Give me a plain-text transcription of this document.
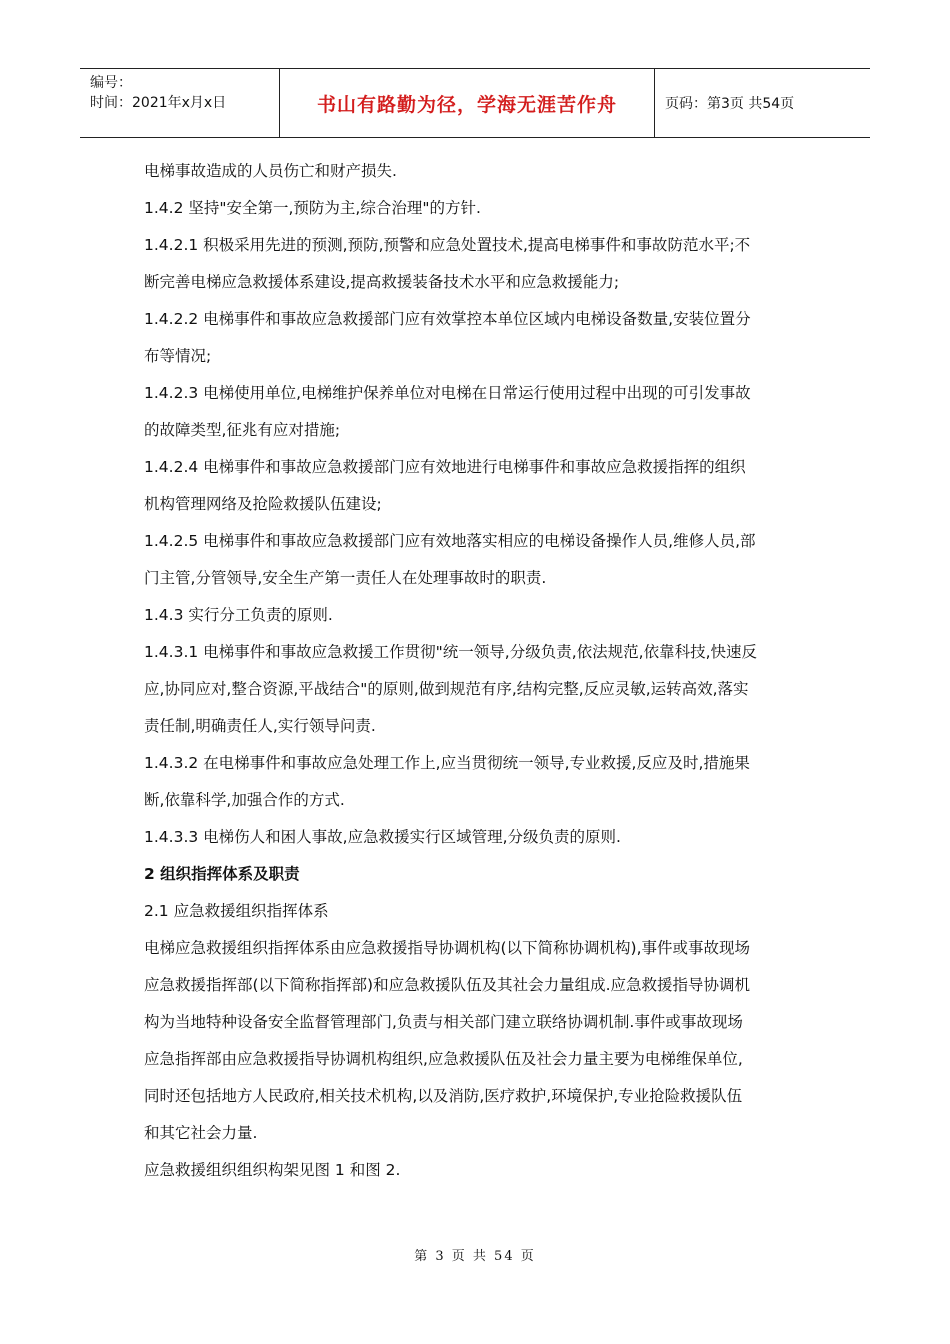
编号：
时间：2021年x月x日	书山有路勤为径，学海无涯苦作舟	页码：第3页 共54页

电梯事故造成的人员伤亡和财产损失.

1.4.2 坚持"安全第一,预防为主,综合治理"的方针.

1.4.2.1 积极采用先进的预测,预防,预警和应急处置技术,提高电梯事件和事故防范水平;不

断完善电梯应急救援体系建设,提高救援装备技术水平和应急救援能力;

1.4.2.2 电梯事件和事故应急救援部门应有效掌控本单位区域内电梯设备数量,安装位置分

布等情况;

1.4.2.3 电梯使用单位,电梯维护保养单位对电梯在日常运行使用过程中出现的可引发事故

的故障类型,征兆有应对措施;

1.4.2.4 电梯事件和事故应急救援部门应有效地进行电梯事件和事故应急救援指挥的组织

机构管理网络及抢险救援队伍建设;

1.4.2.5 电梯事件和事故应急救援部门应有效地落实相应的电梯设备操作人员,维修人员,部

门主管,分管领导,安全生产第一责任人在处理事故时的职责.

1.4.3 实行分工负责的原则.

1.4.3.1 电梯事件和事故应急救援工作贯彻"统一领导,分级负责,依法规范,依靠科技,快速反

应,协同应对,整合资源,平战结合"的原则,做到规范有序,结构完整,反应灵敏,运转高效,落实

责任制,明确责任人,实行领导问责.

1.4.3.2 在电梯事件和事故应急处理工作上,应当贯彻统一领导,专业救援,反应及时,措施果

断,依靠科学,加强合作的方式.

1.4.3.3 电梯伤人和困人事故,应急救援实行区域管理,分级负责的原则.

2 组织指挥体系及职责

2.1 应急救援组织指挥体系

电梯应急救援组织指挥体系由应急救援指导协调机构(以下简称协调机构),事件或事故现场

应急救援指挥部(以下简称指挥部)和应急救援队伍及其社会力量组成.应急救援指导协调机

构为当地特种设备安全监督管理部门,负责与相关部门建立联络协调机制.事件或事故现场

应急指挥部由应急救援指导协调机构组织,应急救援队伍及社会力量主要为电梯维保单位,

同时还包括地方人民政府,相关技术机构,以及消防,医疗救护,环境保护,专业抢险救援队伍

和其它社会力量.

应急救援组织组织构架见图 1 和图 2.

第 3 页 共 54 页
